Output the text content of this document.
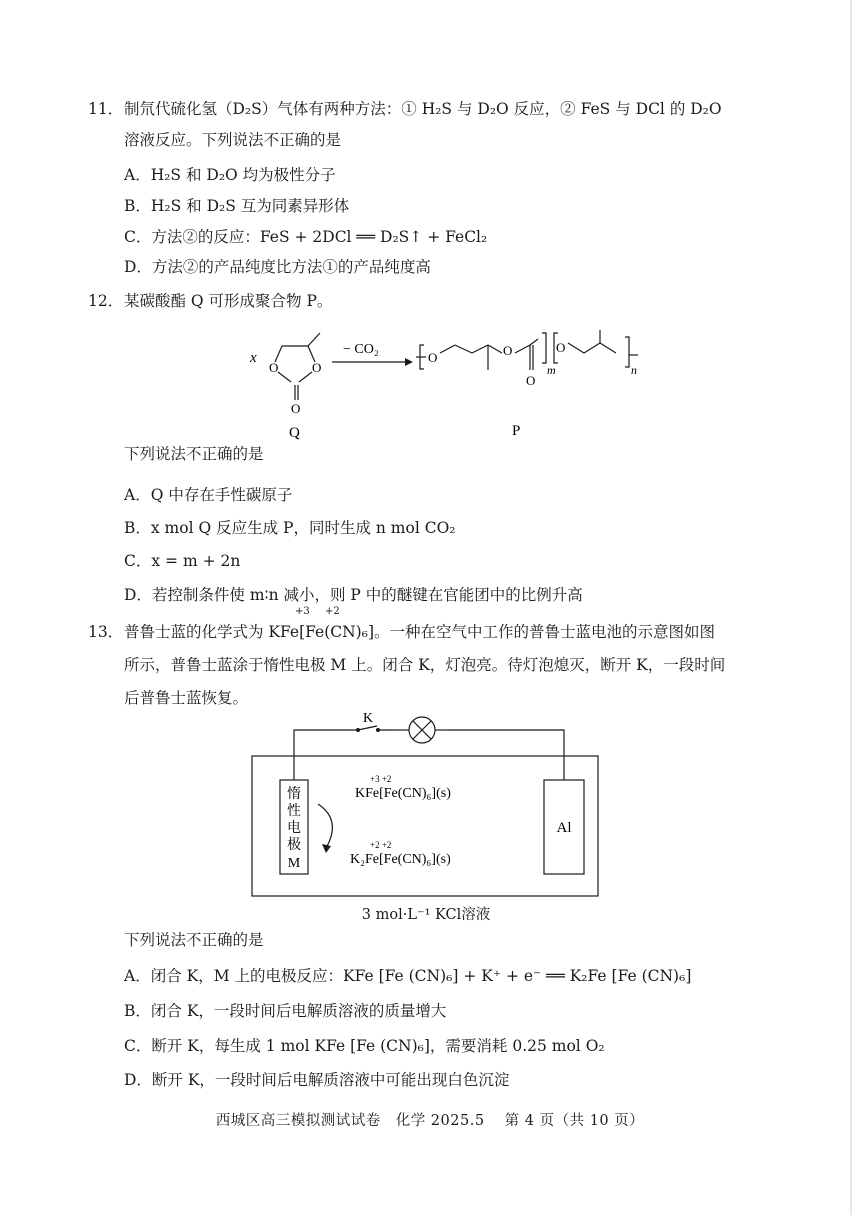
11． 制氘代硫化氢（D₂S）气体有两种方法：① H₂S 与 D₂O 反应，② FeS 与 DCl 的 D₂O
溶液反应。下列说法不正确的是
A．H₂S 和 D₂O 均为极性分子
B．H₂S 和 D₂S 互为同素异形体
C．方法②的反应：FeS + 2DCl ══ D₂S↑ + FeCl₂
D．方法②的产品纯度比方法①的产品纯度高
12． 某碳酸酯 Q 可形成聚合物 P。
x
O	O
O
Q
− CO₂
O	O
O
O
m	n
P
下列说法不正确的是
A．Q 中存在手性碳原子
B．x mol Q 反应生成 P，同时生成 n mol CO₂
C．x = m + 2n
D．若控制条件使 m∶n 减小，则 P 中的醚键在官能团中的比例升高
13． 普鲁士蓝的化学式为 KFe[Fe(CN)₆]。一种在空气中工作的普鲁士蓝电池的示意图如图
+3 +2
所示，普鲁士蓝涂于惰性电极 M 上。闭合 K，灯泡亮。待灯泡熄灭，断开 K，一段时间
后普鲁士蓝恢复。
惰
性
电
极
M
Al
K
+3 +2
KFe[Fe(CN)₆](s)
+2 +2
K₂Fe[Fe(CN)₆](s)
3 mol·L⁻¹ KCl溶液
下列说法不正确的是
A．闭合 K，M 上的电极反应：KFe [Fe (CN)₆] + K⁺ + e⁻ ══ K₂Fe [Fe (CN)₆]
B．闭合 K，一段时间后电解质溶液的质量增大
C．断开 K，每生成 1 mol KFe [Fe (CN)₆]，需要消耗 0.25 mol O₂
D．断开 K，一段时间后电解质溶液中可能出现白色沉淀
西城区高三模拟测试试卷　化学 2025.5　 第 4 页（共 10 页）
